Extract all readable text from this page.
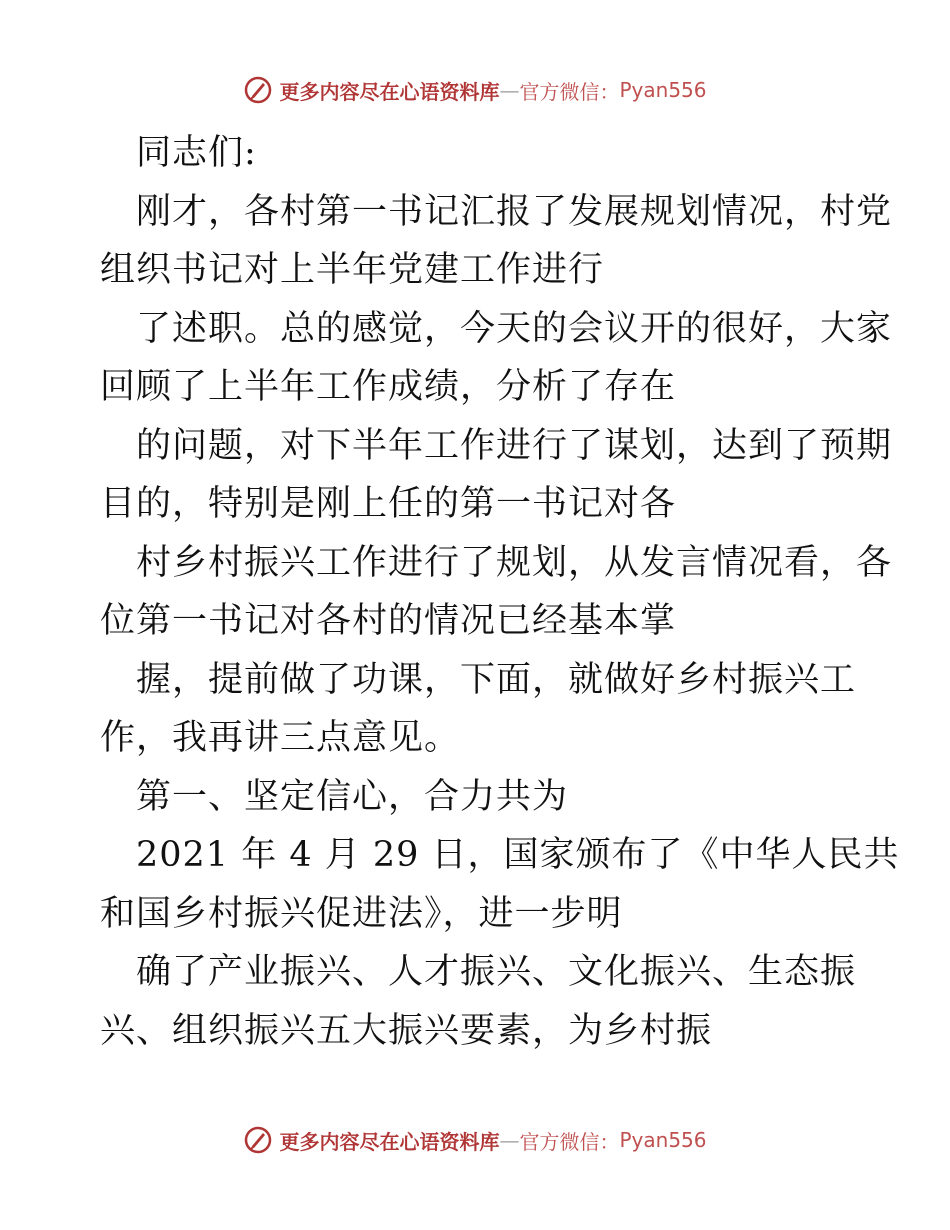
更多内容尽在心语资料库 — 官方微信： Pyan556
同志们:
刚才，各村第一书记汇报了发展规划情况，村党
组织书记对上半年党建工作进行
了述职。总的感觉，今天的会议开的很好，大家
回顾了上半年工作成绩，分析了存在
的问题，对下半年工作进行了谋划，达到了预期
目的，特别是刚上任的第一书记对各
村乡村振兴工作进行了规划，从发言情况看，各
位第一书记对各村的情况已经基本掌
握，提前做了功课，下面，就做好乡村振兴工
作，我再讲三点意见。
第一、坚定信心，合力共为
2021 年 4 月 29 日，国家颁布了《中华人民共
和国乡村振兴促进法》，进一步明
确了产业振兴、人才振兴、文化振兴、生态振
兴、组织振兴五大振兴要素，为乡村振
更多内容尽在心语资料库 — 官方微信： Pyan556
